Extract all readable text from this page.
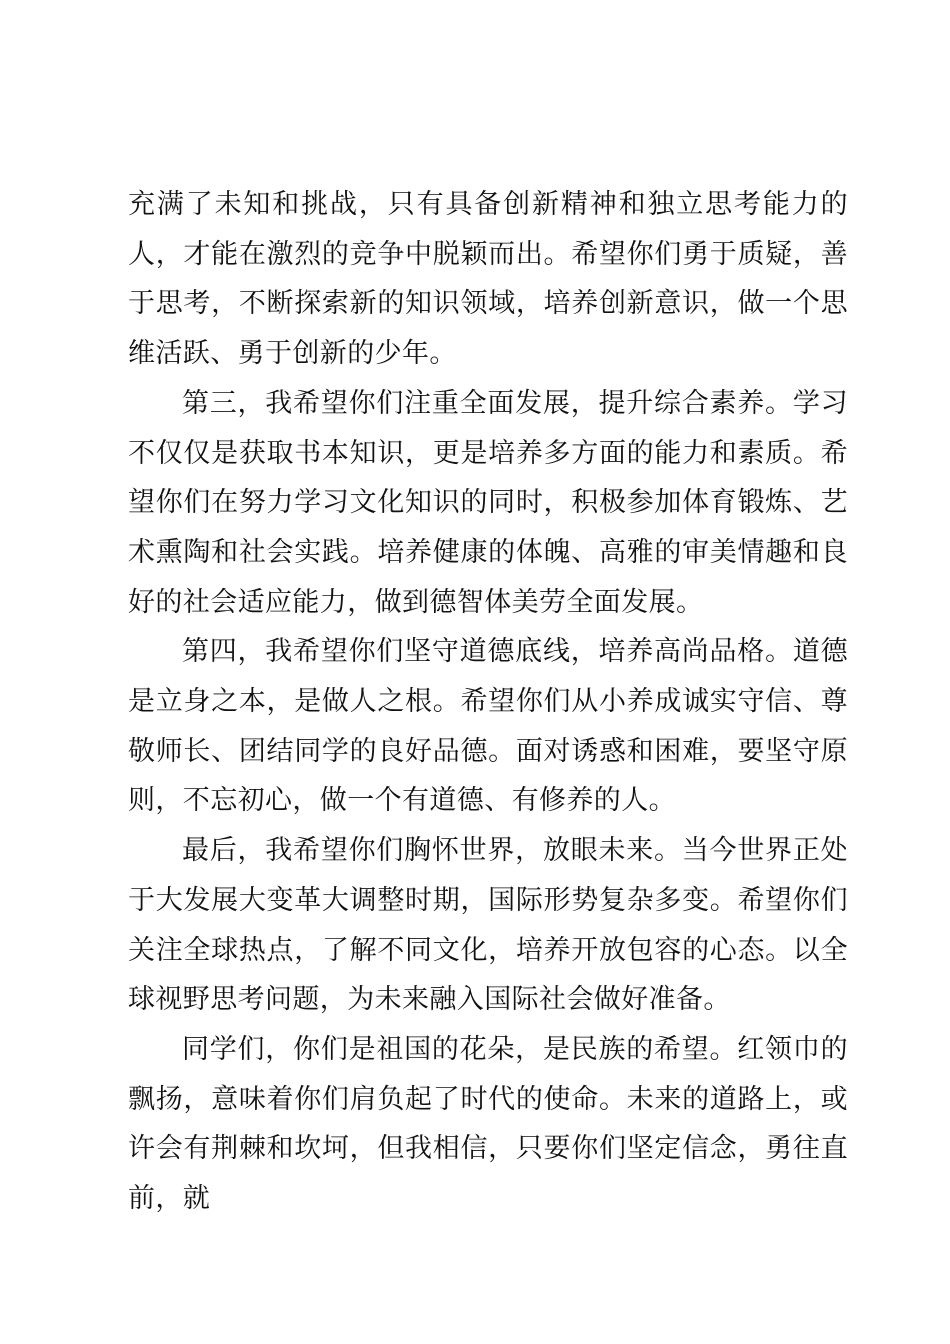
充满了未知和挑战，只有具备创新精神和独立思考能力的人，才能在激烈的竞争中脱颖而出。希望你们勇于质疑，善于思考，不断探索新的知识领域，培养创新意识，做一个思维活跃、勇于创新的少年。

第三，我希望你们注重全面发展，提升综合素养。学习不仅仅是获取书本知识，更是培养多方面的能力和素质。希望你们在努力学习文化知识的同时，积极参加体育锻炼、艺术熏陶和社会实践。培养健康的体魄、高雅的审美情趣和良好的社会适应能力，做到德智体美劳全面发展。

第四，我希望你们坚守道德底线，培养高尚品格。道德是立身之本，是做人之根。希望你们从小养成诚实守信、尊敬师长、团结同学的良好品德。面对诱惑和困难，要坚守原则，不忘初心，做一个有道德、有修养的人。

最后，我希望你们胸怀世界，放眼未来。当今世界正处于大发展大变革大调整时期，国际形势复杂多变。希望你们关注全球热点，了解不同文化，培养开放包容的心态。以全球视野思考问题，为未来融入国际社会做好准备。

同学们，你们是祖国的花朵，是民族的希望。红领巾的飘扬，意味着你们肩负起了时代的使命。未来的道路上，或许会有荆棘和坎坷，但我相信，只要你们坚定信念，勇往直前，就
